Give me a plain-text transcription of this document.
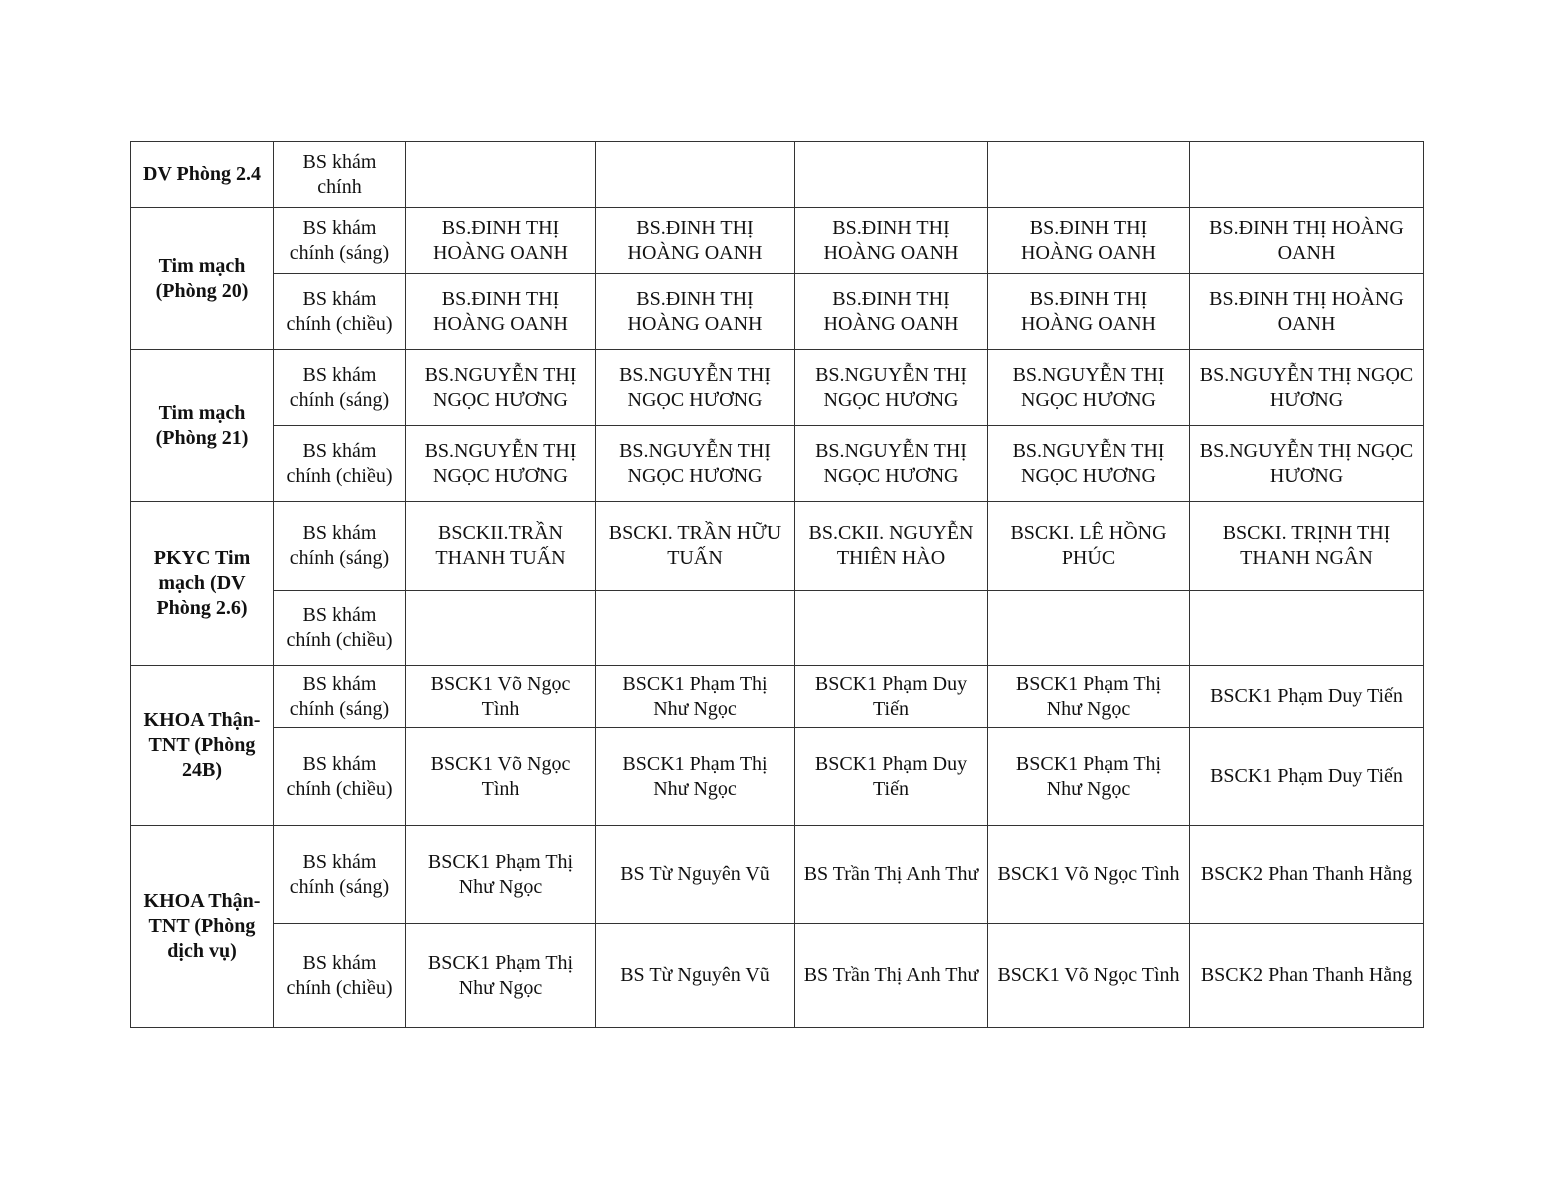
DV Phòng 2.4	BS khám chính					
Tim mạch (Phòng 20)	BS khám chính (sáng)	BS.ĐINH THỊ HOÀNG OANH	BS.ĐINH THỊ HOÀNG OANH	BS.ĐINH THỊ HOÀNG OANH	BS.ĐINH THỊ HOÀNG OANH	BS.ĐINH THỊ HOÀNG OANH
	BS khám chính (chiều)	BS.ĐINH THỊ HOÀNG OANH	BS.ĐINH THỊ HOÀNG OANH	BS.ĐINH THỊ HOÀNG OANH	BS.ĐINH THỊ HOÀNG OANH	BS.ĐINH THỊ HOÀNG OANH
Tim mạch (Phòng 21)	BS khám chính (sáng)	BS.NGUYỄN THỊ NGỌC HƯƠNG	BS.NGUYỄN THỊ NGỌC HƯƠNG	BS.NGUYỄN THỊ NGỌC HƯƠNG	BS.NGUYỄN THỊ NGỌC HƯƠNG	BS.NGUYỄN THỊ NGỌC HƯƠNG
	BS khám chính (chiều)	BS.NGUYỄN THỊ NGỌC HƯƠNG	BS.NGUYỄN THỊ NGỌC HƯƠNG	BS.NGUYỄN THỊ NGỌC HƯƠNG	BS.NGUYỄN THỊ NGỌC HƯƠNG	BS.NGUYỄN THỊ NGỌC HƯƠNG
PKYC Tim mạch (DV Phòng 2.6)	BS khám chính (sáng)	BSCKII.TRẦN THANH TUẤN	BSCKI. TRẦN HỮU TUẤN	BS.CKII. NGUYỄN THIÊN HÀO	BSCKI. LÊ HỒNG PHÚC	BSCKI. TRỊNH THỊ THANH NGÂN
	BS khám chính (chiều)					
KHOA Thận-TNT (Phòng 24B)	BS khám chính (sáng)	BSCK1 Võ Ngọc Tình	BSCK1 Phạm Thị Như Ngọc	BSCK1 Phạm Duy Tiến	BSCK1 Phạm Thị Như Ngọc	BSCK1 Phạm Duy Tiến
	BS khám chính (chiều)	BSCK1 Võ Ngọc Tình	BSCK1 Phạm Thị Như Ngọc	BSCK1 Phạm Duy Tiến	BSCK1 Phạm Thị Như Ngọc	BSCK1 Phạm Duy Tiến
KHOA Thận-TNT (Phòng dịch vụ)	BS khám chính (sáng)	BSCK1 Phạm Thị Như Ngọc	BS Từ Nguyên Vũ	BS Trần Thị Anh Thư	BSCK1 Võ Ngọc Tình	BSCK2 Phan Thanh Hằng
	BS khám chính (chiều)	BSCK1 Phạm Thị Như Ngọc	BS Từ Nguyên Vũ	BS Trần Thị Anh Thư	BSCK1 Võ Ngọc Tình	BSCK2 Phan Thanh Hằng
